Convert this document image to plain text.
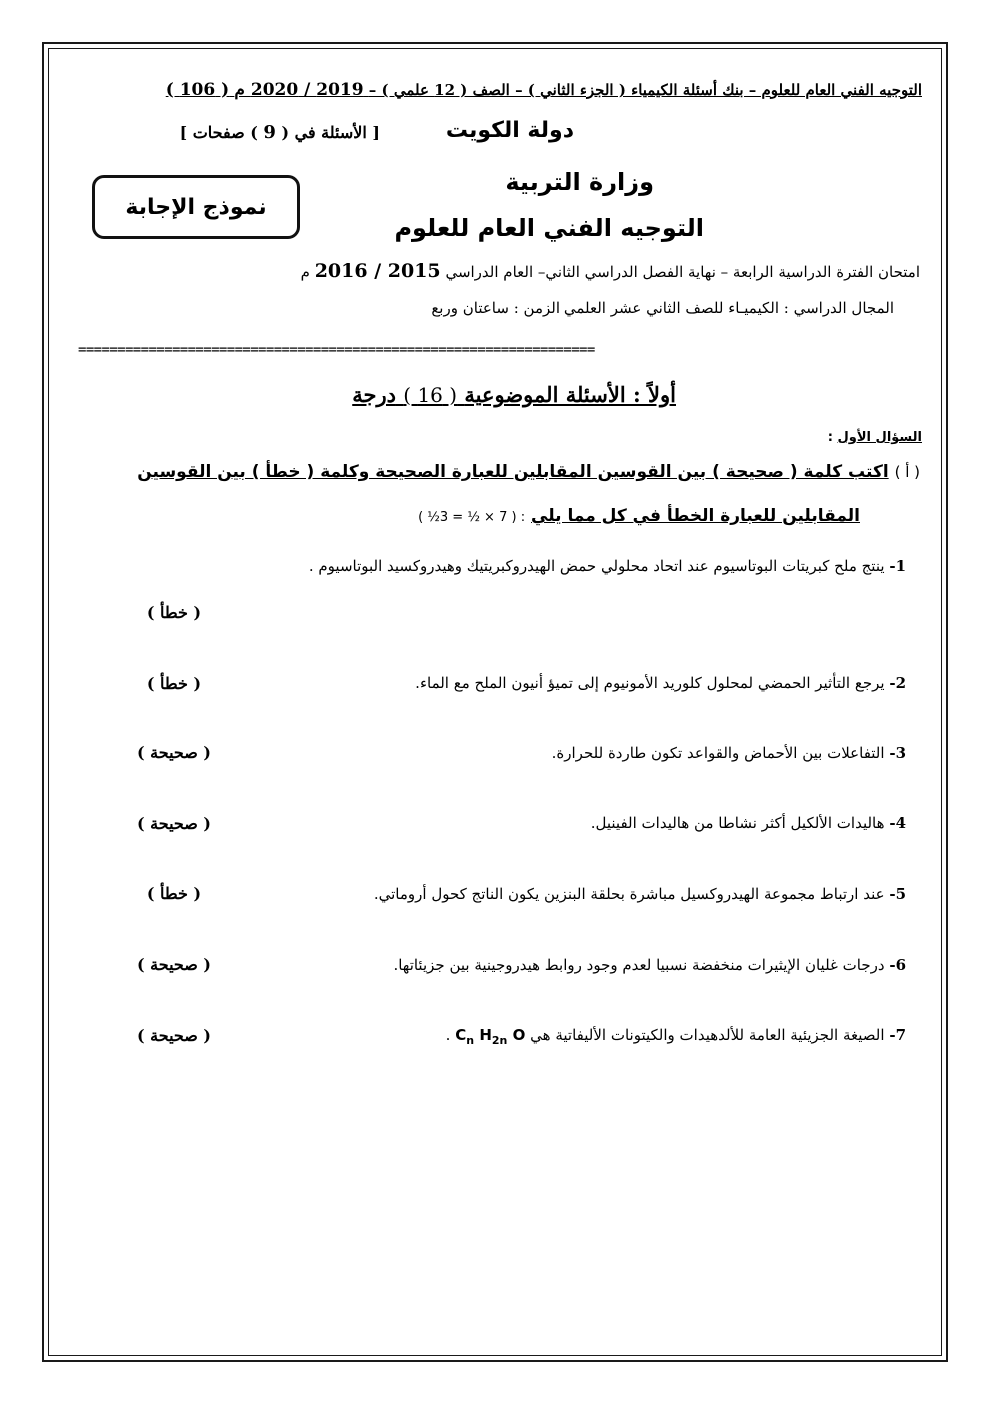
التوجيه الفني العام للعلوم – بنك أسئلة الكيمياء ( الجزء الثاني ) – الصف ( 12 علمي ) – 2019 / 2020 م ( 106 )
دولة الكويت
[ الأسئلة في ( 9 ) صفحات ]
وزارة التربية
التوجيه الفني العام للعلوم
نموذج الإجابة
امتحان الفترة الدراسية الرابعة – نهاية الفصل الدراسي الثاني– العام الدراسي 2015 / 2016 م
المجال الدراسي : الكيميـاء للصف الثاني عشر العلمي
الزمن : ساعتان وربع
==================================================================
أولاً : الأسئلة الموضوعية ( 16 ) درجة
السؤال الأول :
( أ ) اكتب كلمة ( صحيحة ) بين القوسين المقابلين للعبارة الصحيحة وكلمة ( خطأ ) بين القوسين
المقابلين للعبارة الخطأ في كل مما يلي : ( 7 × ½ = 3½ )
1- ينتج ملح كبريتات البوتاسيوم عند اتحاد محلولي حمض الهيدروكبريتيك وهيدروكسيد البوتاسيوم .
( خطأ )
2- يرجع التأثير الحمضي لمحلول كلوريد الأمونيوم إلى تميؤ أنيون الملح مع الماء.
( خطأ )
3- التفاعلات بين الأحماض والقواعد تكون طاردة للحرارة.
( صحيحة )
4- هاليدات الألكيل أكثر نشاطا من هاليدات الفينيل.
( صحيحة )
5- عند ارتباط مجموعة الهيدروكسيل مباشرة بحلقة البنزين يكون الناتج كحول أروماتي.
( خطأ )
6- درجات غليان الإيثيرات منخفضة نسبيا لعدم وجود روابط هيدروجينية بين جزيئاتها.
( صحيحة )
7- الصيغة الجزيئية العامة للألدهيدات والكيتونات الأليفاتية هي $C_n$ $H_{2n}$ O .
( صحيحة )
